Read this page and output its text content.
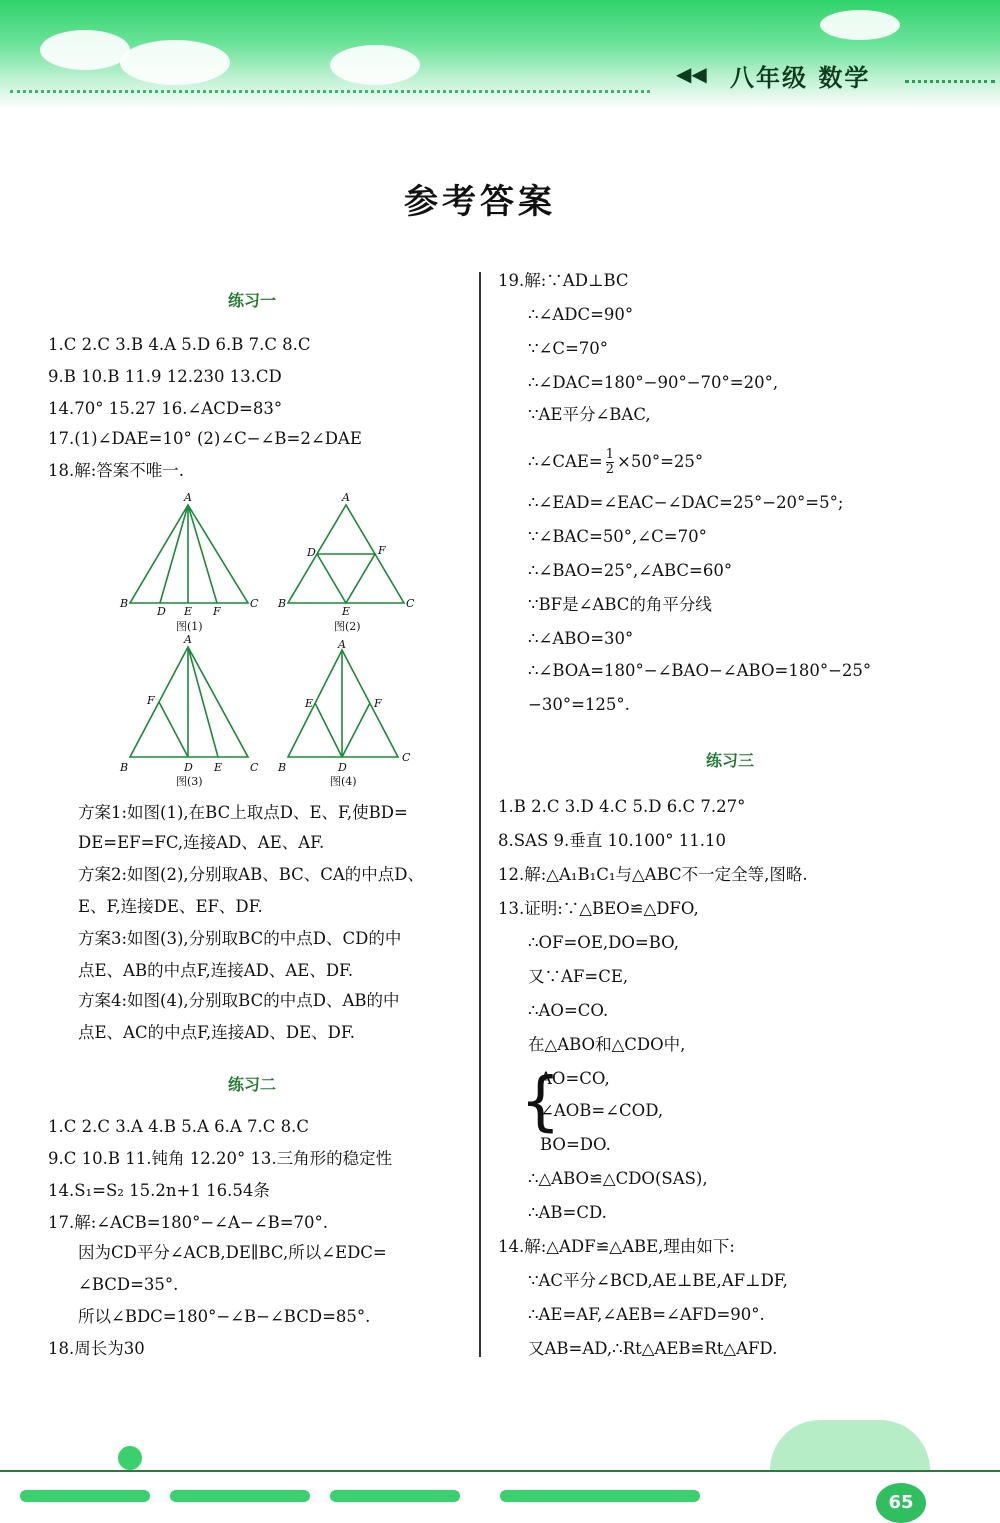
◀◀ 八年级 数学
参考答案
练习一
1.C 2.C 3.B 4.A 5.D 6.B 7.C 8.C
9.B 10.B 11.9 12.230 13.CD
14.70° 15.27 16.∠ACD=83°
17.(1)∠DAE=10° (2)∠C−∠B=2∠DAE
18.解:答案不唯一.
A
B	C
D E F
A
B	C
D
E
F
A
B	C
D E
F
A
B
C
D
E	F
图(1)	图(2)
图(3)	图(4)
方案1:如图(1),在BC上取点D、E、F,使BD=
DE=EF=FC,连接AD、AE、AF.
方案2:如图(2),分别取AB、BC、CA的中点D、
E、F,连接DE、EF、DF.
方案3:如图(3),分别取BC的中点D、CD的中
点E、AB的中点F,连接AD、AE、DF.
方案4:如图(4),分别取BC的中点D、AB的中
点E、AC的中点F,连接AD、DE、DF.
练习二
1.C 2.C 3.A 4.B 5.A 6.A 7.C 8.C
9.C 10.B 11.钝角 12.20° 13.三角形的稳定性
14.S₁=S₂ 15.2n+1 16.54条
17.解:∠ACB=180°−∠A−∠B=70°.
因为CD平分∠ACB,DE∥BC,所以∠EDC=
∠BCD=35°.
所以∠BDC=180°−∠B−∠BCD=85°.
18.周长为30
19.解:∵AD⊥BC
∴∠ADC=90°
∵∠C=70°
∴∠DAC=180°−90°−70°=20°,
∵AE平分∠BAC,
∴∠CAE= $\frac{1}{2} \times 50^\circ=25^\circ$
∴∠EAD=∠EAC−∠DAC=25°−20°=5°;
∵∠BAC=50°,∠C=70°
∴∠BAO=25°,∠ABC=60°
∵BF是∠ABC的角平分线
∴∠ABO=30°
∴∠BOA=180°−∠BAO−∠ABO=180°−25°
−30°=125°.
练习三
1.B 2.C 3.D 4.C 5.D 6.C 7.27°
8.SAS 9.垂直 10.100° 11.10
12.解:△A₁B₁C₁与△ABC不一定全等,图略.
13.证明:∵△BEO≌△DFO,
∴OF=OE,DO=BO,
又∵AF=CE,
∴AO=CO.
在△ABO和△CDO中,
{
AO=CO,
∠AOB=∠COD,
BO=DO.
∴△ABO≌△CDO(SAS),
∴AB=CD.
14.解:△ADF≌△ABE,理由如下:
∵AC平分∠BCD,AE⊥BE,AF⊥DF,
∴AE=AF,∠AEB=∠AFD=90°.
又AB=AD,∴Rt△AEB≌Rt△AFD.
65
